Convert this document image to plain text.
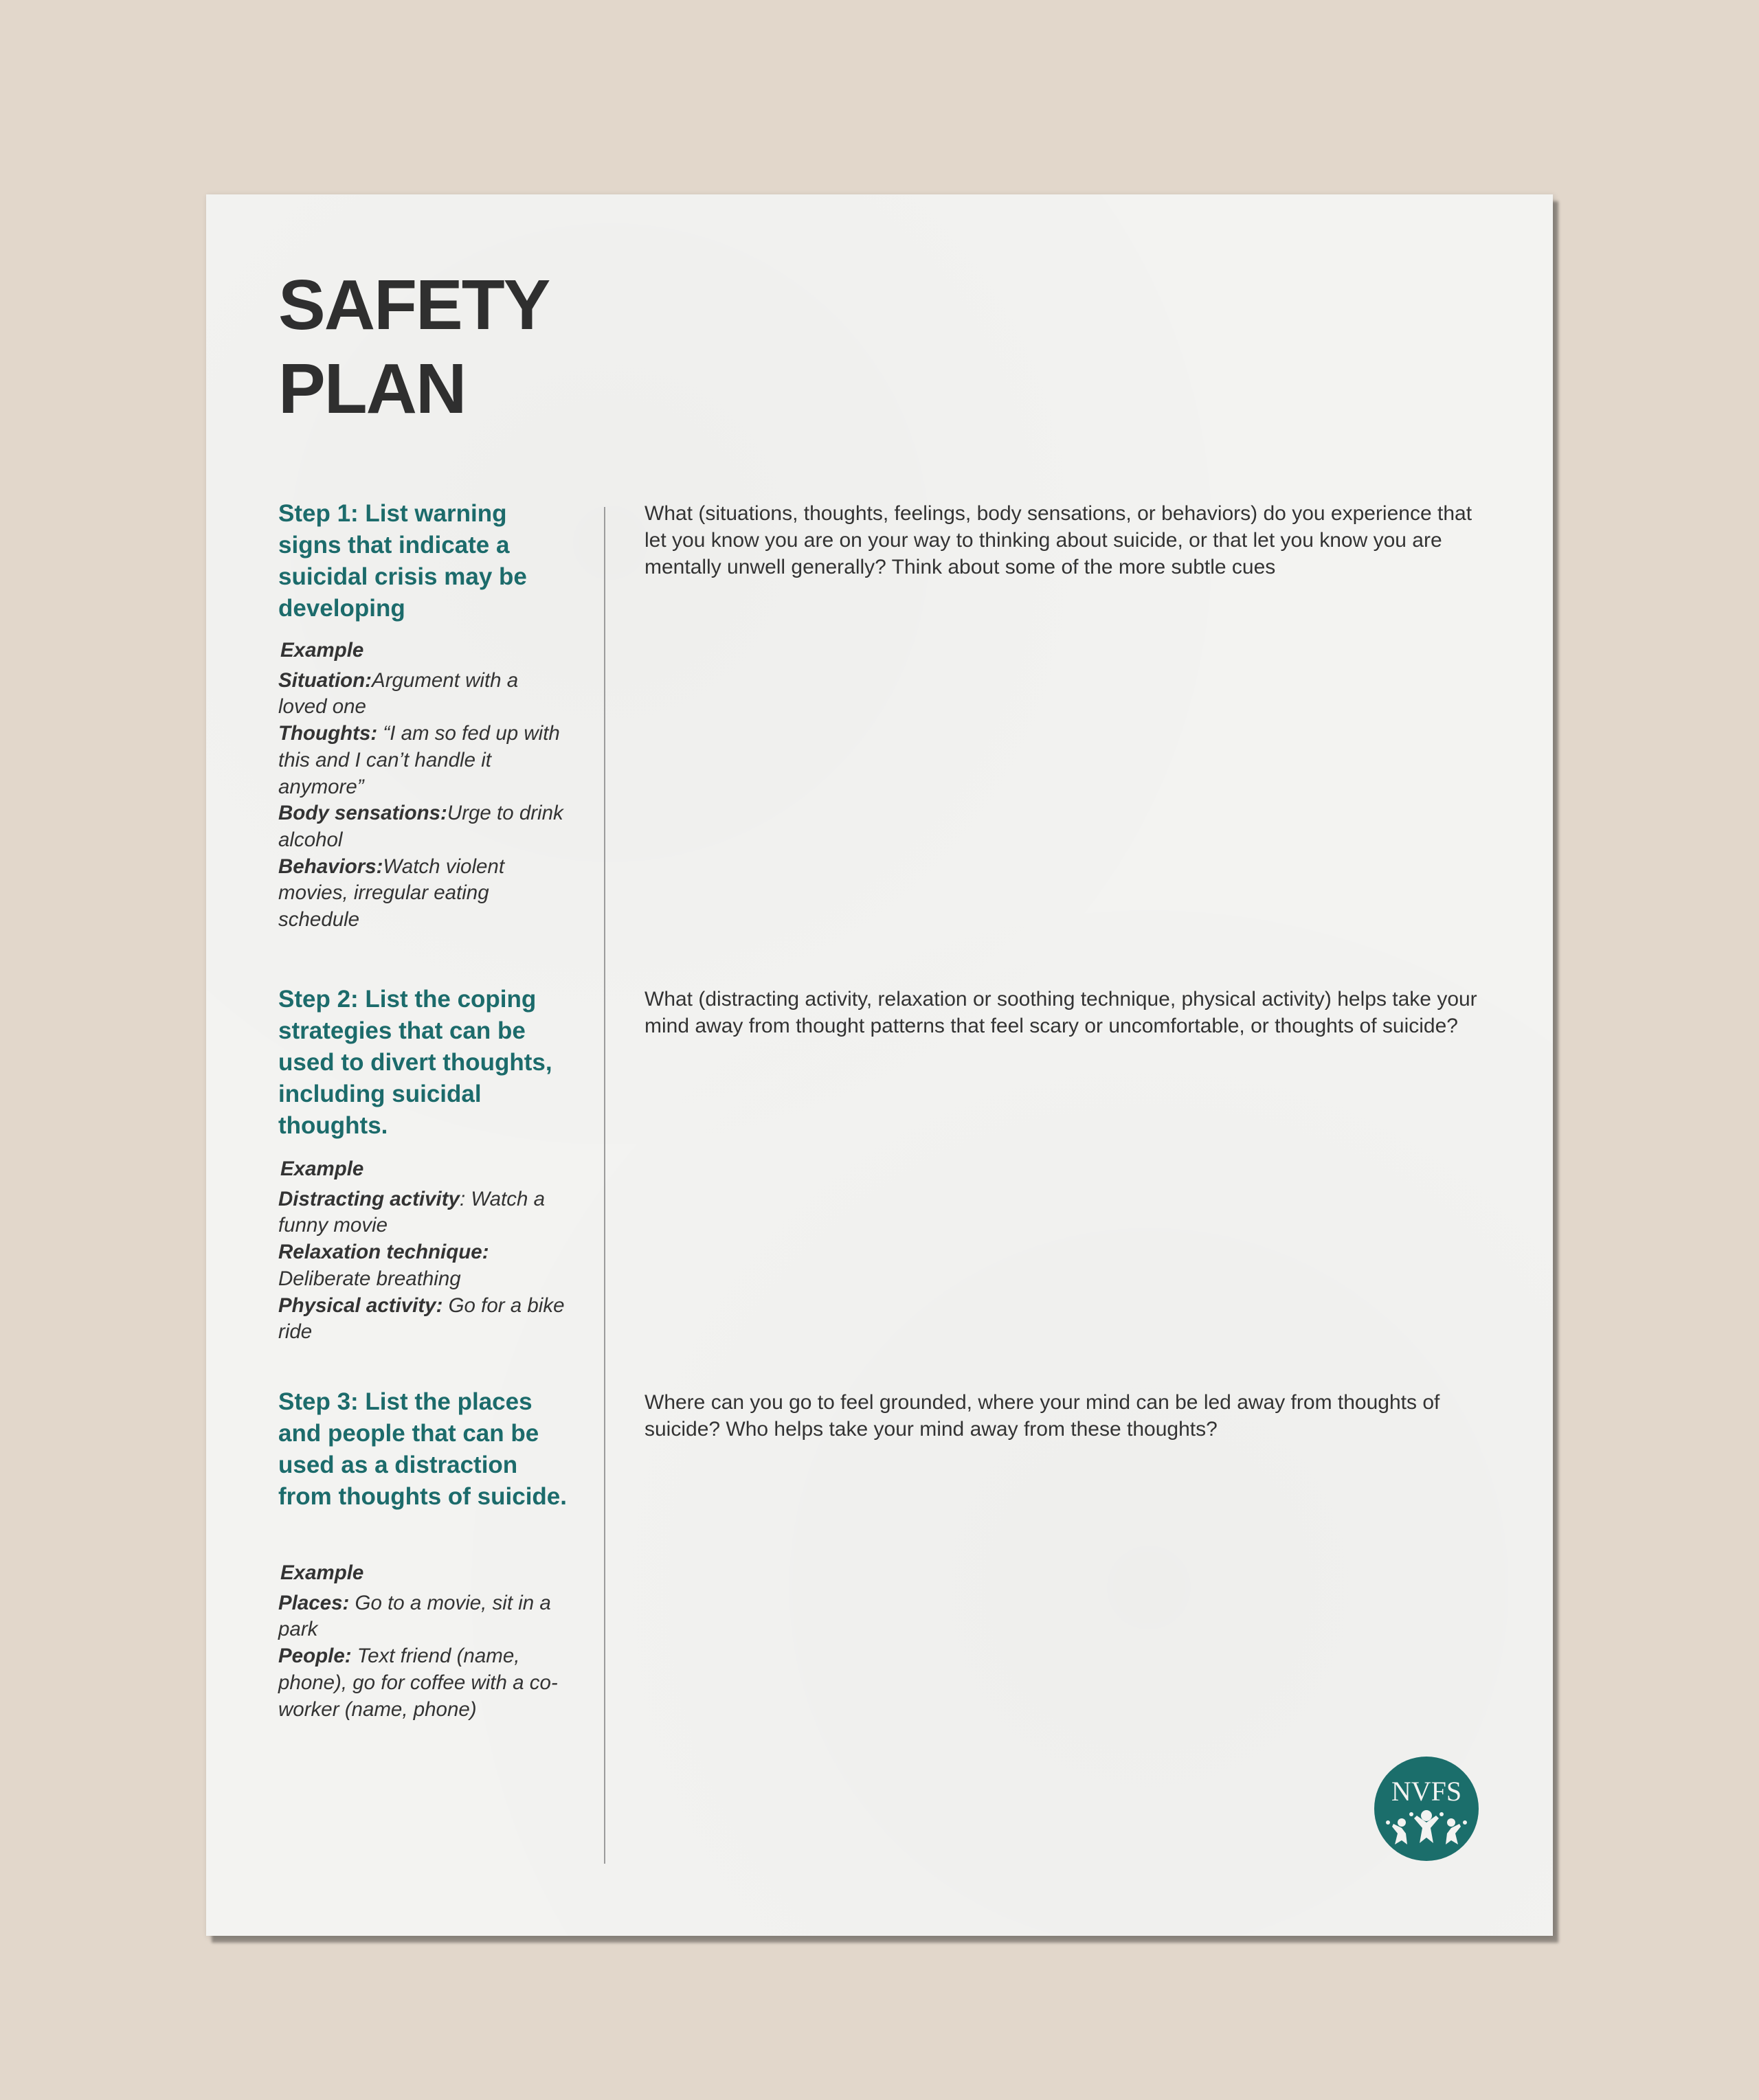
SAFETY
PLAN
Step 1: List warning signs that indicate a suicidal crisis may be developing
Example
Situation:Argument with a loved one
Thoughts: “I am so fed up with this and I can’t handle it anymore”
Body sensations:Urge to drink alcohol
Behaviors:Watch violent movies, irregular eating schedule

What (situations, thoughts, feelings, body sensations, or behaviors) do you experience that let you know you are on your way to thinking about suicide, or that let you know you are mentally unwell generally? Think about some of the more subtle cues

Step 2: List the coping strategies that can be used to divert thoughts, including suicidal thoughts.
Example
Distracting activity: Watch a funny movie
Relaxation technique: Deliberate breathing
Physical activity: Go for a bike ride

What (distracting activity, relaxation or soothing technique, physical activity) helps take your mind away from thought patterns that feel scary or uncomfortable, or thoughts of suicide?

Step 3: List the places and people that can be used as a distraction from thoughts of suicide.
Example
Places: Go to a movie, sit in a park
People: Text friend (name, phone), go for coffee with a co-worker (name, phone)

Where can you go to feel grounded, where your mind can be led away from thoughts of suicide? Who helps take your mind away from these thoughts?

NVFS
